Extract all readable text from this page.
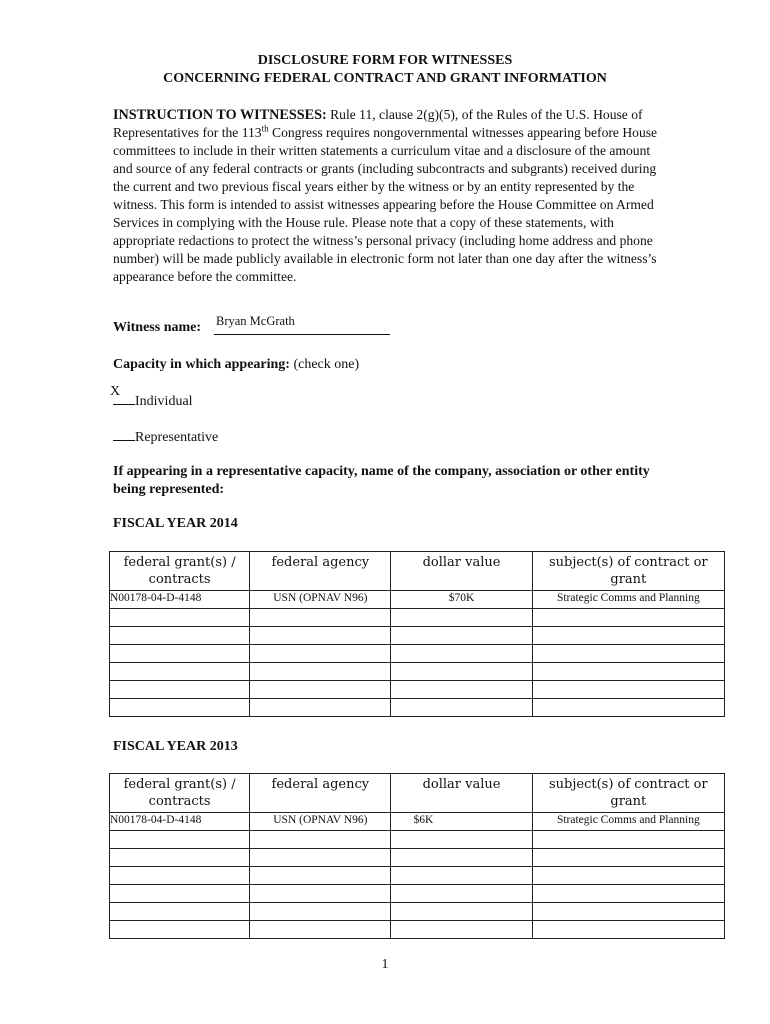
DISCLOSURE FORM FOR WITNESSES
CONCERNING FEDERAL CONTRACT AND GRANT INFORMATION
INSTRUCTION TO WITNESSES: Rule 11, clause 2(g)(5), of the Rules of the U.S. House of Representatives for the 113th Congress requires nongovernmental witnesses appearing before House committees to include in their written statements a curriculum vitae and a disclosure of the amount and source of any federal contracts or grants (including subcontracts and subgrants) received during the current and two previous fiscal years either by the witness or by an entity represented by the witness. This form is intended to assist witnesses appearing before the House Committee on Armed Services in complying with the House rule. Please note that a copy of these statements, with appropriate redactions to protect the witness’s personal privacy (including home address and phone number) will be made publicly available in electronic form not later than one day after the witness’s appearance before the committee.
Witness name: Bryan McGrath
Capacity in which appearing: (check one)
X
Individual
Representative
If appearing in a representative capacity, name of the company, association or other entity being represented:
FISCAL YEAR 2014
federal grant(s) / contracts	federal agency	dollar value	subject(s) of contract or grant
N00178-04-D-4148	USN (OPNAV N96)	$70K	Strategic Comms and Planning

FISCAL YEAR 2013
federal grant(s) / contracts	federal agency	dollar value	subject(s) of contract or grant
N00178-04-D-4148	USN (OPNAV N96)	$6K	Strategic Comms and Planning

1
